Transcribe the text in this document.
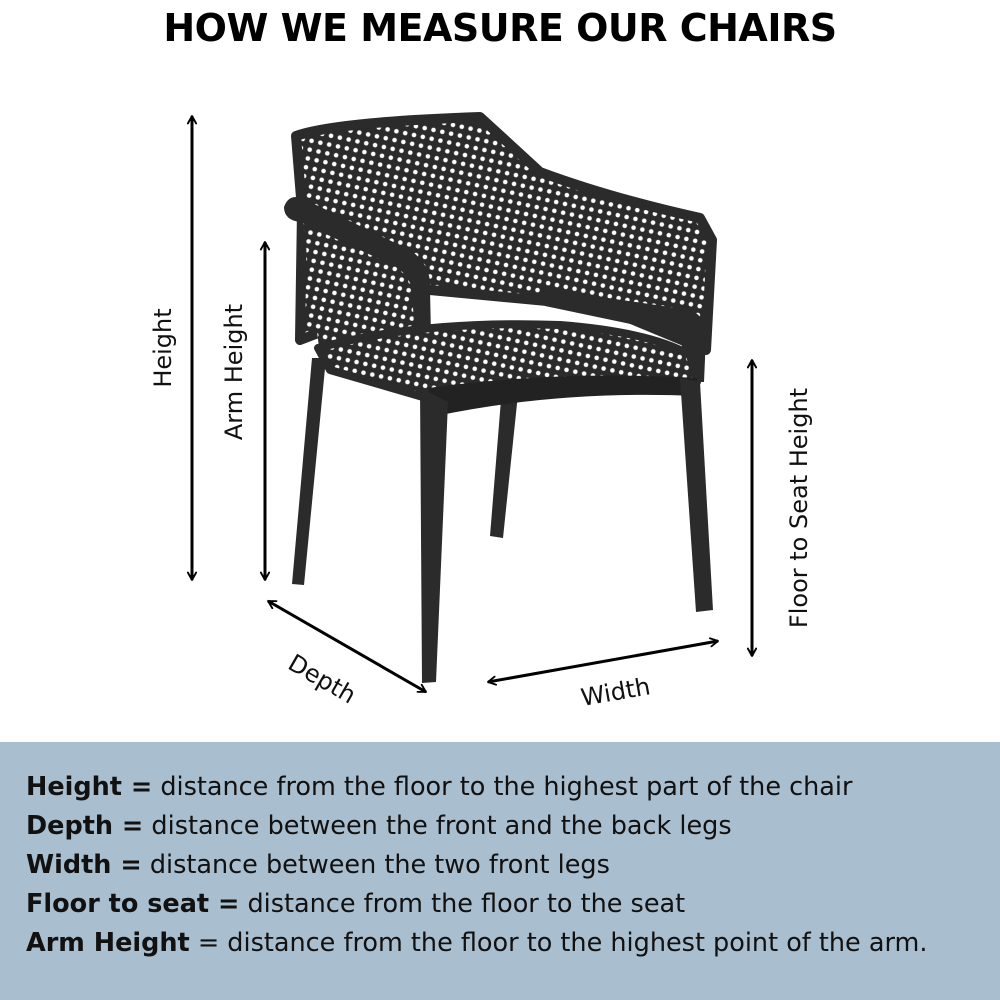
HOW WE MEASURE OUR CHAIRS
Height Arm Height
Floor to Seat Height
Depth	Width
Height = distance from the floor to the highest part of the chair
Depth = distance between the front and the back legs
Width = distance between the two front legs
Floor to seat = distance from the floor to the seat
Arm Height = distance from the floor to the highest point of the arm.
